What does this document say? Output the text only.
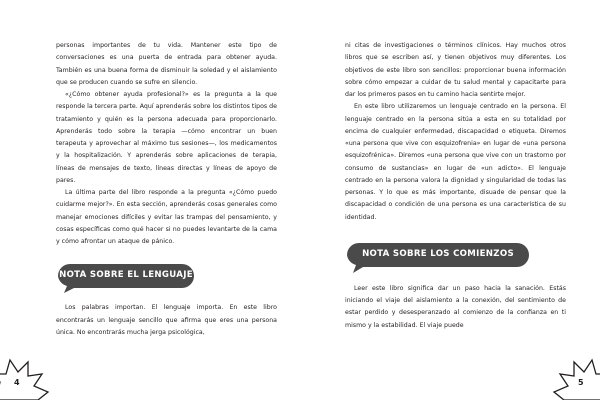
personas importantes de tu vida. Mantener este tipo de conversaciones es una puerta de entrada para obtener ayuda. También es una buena forma de disminuir la soledad y el aislamiento que se producen cuando se sufre en silencio.

«¿Cómo obtener ayuda profesional?» es la pregunta a la que responde la tercera parte. Aquí aprenderás sobre los distintos tipos de tratamiento y quién es la persona adecuada para proporcionarlo. Aprenderás todo sobre la terapia —cómo encontrar un buen terapeuta y aprovechar al máximo tus sesiones—, los medicamentos y la hospitalización. Y aprenderás sobre aplicaciones de terapia, líneas de mensajes de texto, líneas directas y líneas de apoyo de pares.

La última parte del libro responde a la pregunta «¿Cómo puedo cuidarme mejor?». En esta sección, aprenderás cosas generales como manejar emociones difíciles y evitar las trampas del pensamiento, y cosas específicas como qué hacer si no puedes levantarte de la cama y cómo afrontar un ataque de pánico.

NOTA SOBRE EL LENGUAJE

Los palabras importan. El lenguaje importa. En este libro encontrarás un lenguaje sencillo que afirma que eres una persona única. No encontrarás mucha jerga psicológica,

ni citas de investigaciones o términos clínicos. Hay muchos otros libros que se escriben así, y tienen objetivos muy diferentes. Los objetivos de este libro son sencillos: proporcionar buena información sobre cómo empezar a cuidar de tu salud mental y capacitarte para dar los primeros pasos en tu camino hacia sentirte mejor.

En este libro utilizaremos un lenguaje centrado en la persona. El lenguaje centrado en la persona sitúa a esta en su totalidad por encima de cualquier enfermedad, discapacidad o etiqueta. Diremos «una persona que vive con esquizofrenia» en lugar de «una persona esquizofrénica». Diremos «una persona que vive con un trastorno por consumo de sustancias» en lugar de «un adicto». El lenguaje centrado en la persona valora la dignidad y singularidad de todas las personas. Y lo que es más importante, disuade de pensar que la discapacidad o condición de una persona es una característica de su identidad.

NOTA SOBRE LOS COMIENZOS

Leer este libro significa dar un paso hacia la sanación. Estás iniciando el viaje del aislamiento a la conexión, del sentimiento de estar perdido y desesperanzado al comienzo de la confianza en ti mismo y la estabilidad. El viaje puede

4	5
